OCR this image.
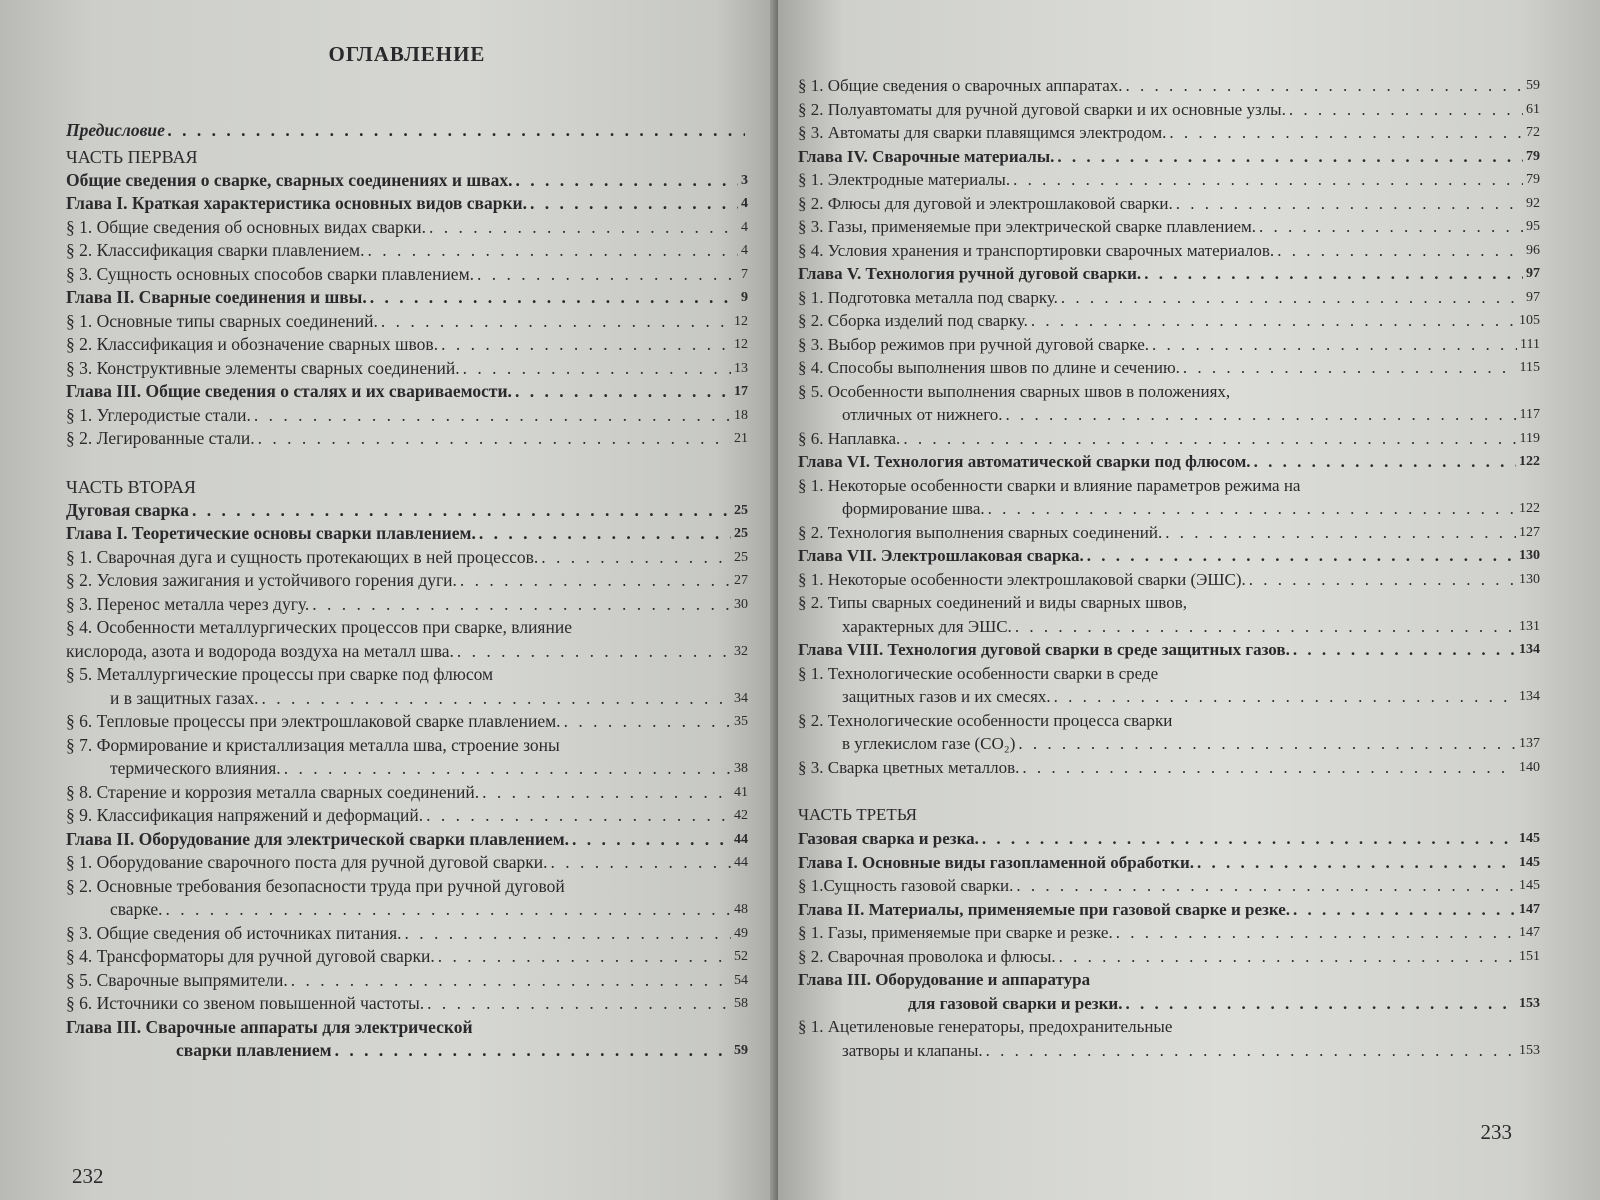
ОГЛАВЛЕНИЕ
Предисловие
. . .
ЧАСТЬ ПЕРВАЯ
Общие сведения о сварке, сварных соединениях и швах. . . .	3
Глава I. Краткая характеристика основных видов сварки. . . .	4
§ 1. Общие сведения об основных видах сварки. . . .	4
§ 2. Классификация сварки плавлением. . . .	4
§ 3. Сущность основных способов сварки плавлением. . . .	7
Глава II. Сварные соединения и швы. . . .	9
§ 1. Основные типы сварных соединений. . . .	12
§ 2. Классификация и обозначение сварных швов. . . .	12
§ 3. Конструктивные элементы сварных соединений. . . .	13
Глава III. Общие сведения о сталях и их свариваемости. . . .	17
§ 1. Углеродистые стали. . . .	18
§ 2. Легированные стали. . . .	21
ЧАСТЬ ВТОРАЯ
Дуговая сварка . . .	25
Глава I. Теоретические основы сварки плавлением. . . .	25
§ 1. Сварочная дуга и сущность протекающих в ней процессов. . . .	25
§ 2. Условия зажигания и устойчивого горения дуги. . . .	27
§ 3. Перенос металла через дугу. . . .	30
§ 4. Особенности металлургических процессов при сварке, влияние
кислорода, азота и водорода воздуха на металл шва. . . .	32
§ 5. Металлургические процессы при сварке под флюсом
и в защитных газах. . . .	34
§ 6. Тепловые процессы при электрошлаковой сварке плавлением. . . .	35
§ 7. Формирование и кристаллизация металла шва, строение зоны
термического влияния. . . .	38
§ 8. Старение и коррозия металла сварных соединений. . . .	41
§ 9. Классификация напряжений и деформаций. . . .	42
Глава II. Оборудование для электрической сварки плавлением. . . .	44
§ 1. Оборудование сварочного поста для ручной дуговой сварки. . . .	44
§ 2. Основные требования безопасности труда при ручной дуговой
сварке. . . .	48
§ 3. Общие сведения об источниках питания. . . .	49
§ 4. Трансформаторы для ручной дуговой сварки. . . .	52
§ 5. Сварочные выпрямители. . . .	54
§ 6. Источники со звеном повышенной частоты. . . .	58
Глава III. Сварочные аппараты для электрической
сварки плавлением . . .	59
232
§ 1. Общие сведения о сварочных аппаратах. . . .	59
§ 2. Полуавтоматы для ручной дуговой сварки и их основные узлы. . . .	61
§ 3. Автоматы для сварки плавящимся электродом. . . .	72
Глава IV. Сварочные материалы. . . .	79
§ 1. Электродные материалы. . . .	79
§ 2. Флюсы для дуговой и электрошлаковой сварки. . . .	92
§ 3. Газы, применяемые при электрической сварке плавлением. . . .	95
§ 4. Условия хранения и транспортировки сварочных материалов. . . .	96
Глава V. Технология ручной дуговой сварки. . . .	97
§ 1. Подготовка металла под сварку. . . .	97
§ 2. Сборка изделий под сварку. . . .	105
§ 3. Выбор режимов при ручной дуговой сварке. . . .	111
§ 4. Способы выполнения швов по длине и сечению. . . .	115
§ 5. Особенности выполнения сварных швов в положениях,
отличных от нижнего. . . .	117
§ 6. Наплавка. . . .	119
Глава VI. Технология автоматической сварки под флюсом. . . .	122
§ 1. Некоторые особенности сварки и влияние параметров режима на
формирование шва. . . .	122
§ 2. Технология выполнения сварных соединений. . . .	127
Глава VII. Электрошлаковая сварка. . . .	130
§ 1. Некоторые особенности электрошлаковой сварки (ЭШС). . . .	130
§ 2. Типы сварных соединений и виды сварных швов,
характерных для ЭШС. . . .	131
Глава VIII. Технология дуговой сварки в среде защитных газов. . . .	134
§ 1. Технологические особенности сварки в среде
защитных газов и их смесях. . . .	134
§ 2. Технологические особенности процесса сварки
в углекислом газе (CO₂) . . .	137
§ 3. Сварка цветных металлов. . . .	140
ЧАСТЬ ТРЕТЬЯ
Газовая сварка и резка. . . .	145
Глава I. Основные виды газопламенной обработки. . . .	145
§ 1.Сущность газовой сварки. . . .	145
Глава II. Материалы, применяемые при газовой сварке и резке. . . .	147
§ 1. Газы, применяемые при сварке и резке. . . .	147
§ 2. Сварочная проволока и флюсы. . . .	151
Глава III. Оборудование и аппаратура
для газовой сварки и резки. . . .	153
§ 1. Ацетиленовые генераторы, предохранительные
затворы и клапаны. . . .	153
233
